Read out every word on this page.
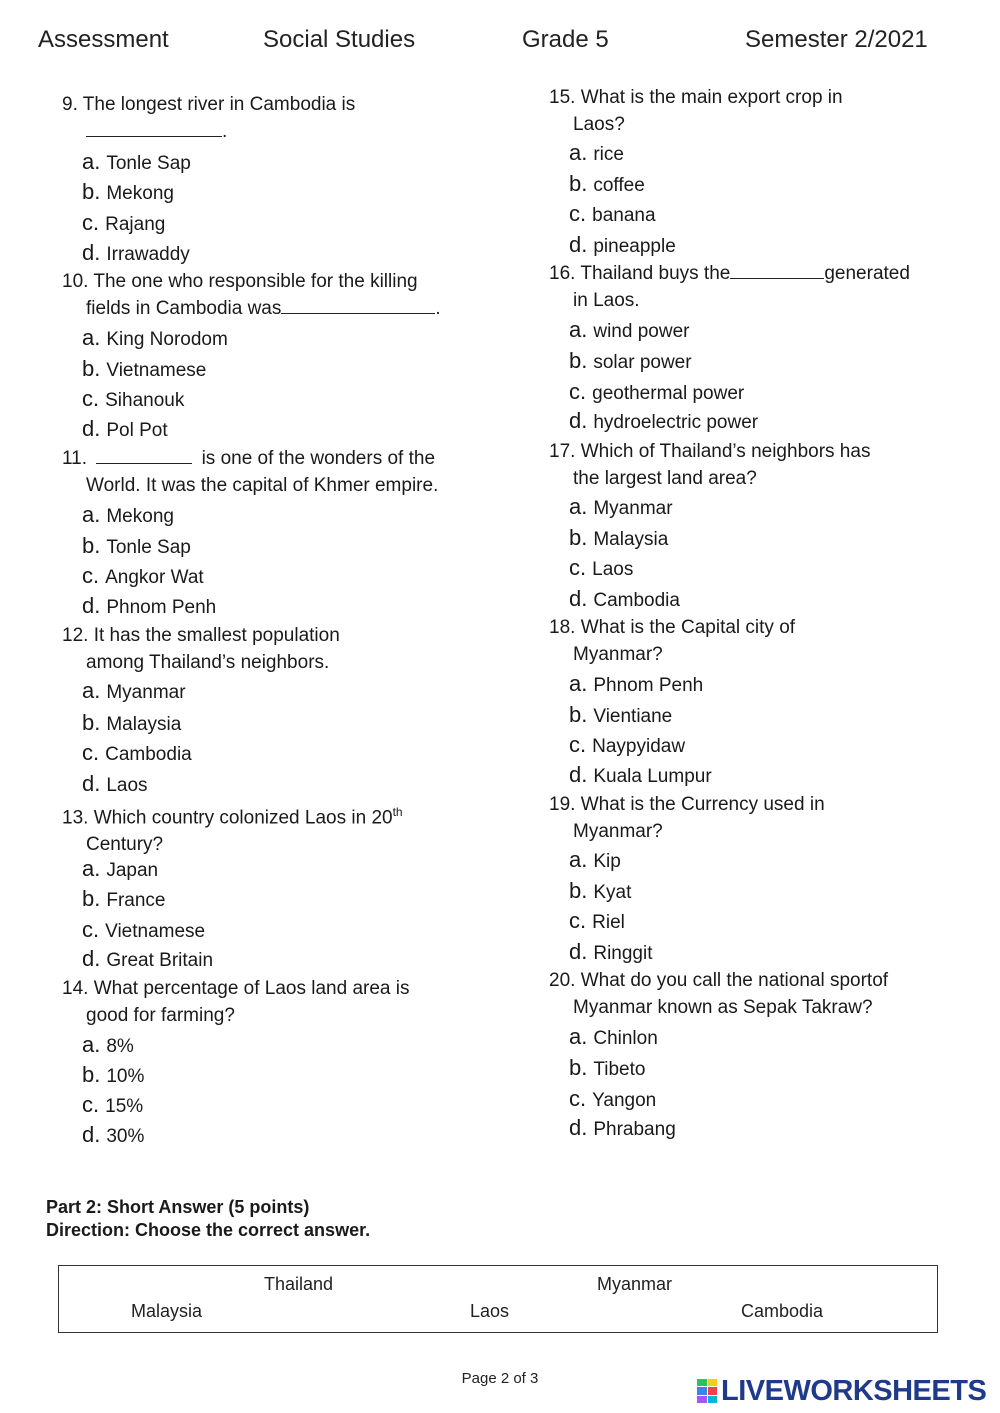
Assessment	Social Studies	Grade 5	Semester 2/2021
9. The longest river in Cambodia is
.
a. Tonle Sap
b. Mekong
c. Rajang
d. Irrawaddy
10. The one who responsible for the killing
fields in Cambodia was	.
a. King Norodom
b. Vietnamese
c. Sihanouk
d. Pol Pot
11.	is one of the wonders of the
World. It was the capital of Khmer empire.
a. Mekong
b. Tonle Sap
c. Angkor Wat
d. Phnom Penh
12. It has the smallest population
among Thailand’s neighbors.
a. Myanmar
b. Malaysia
c. Cambodia
d. Laos
13. Which country colonized Laos in 20th
Century?
a. Japan
b. France
c. Vietnamese
d. Great Britain
14. What percentage of Laos land area is
good for farming?
a. 8%
b. 10%
c. 15%
d. 30%
15. What is the main export crop in
Laos?
a. rice
b. coffee
c. banana
d. pineapple
16. Thailand buys the	generated
in Laos.
a. wind power
b. solar power
c. geothermal power
d. hydroelectric power
17. Which of Thailand’s neighbors has
the largest land area?
a. Myanmar
b. Malaysia
c. Laos
d. Cambodia
18. What is the Capital city of
Myanmar?
a. Phnom Penh
b. Vientiane
c. Naypyidaw
d. Kuala Lumpur
19. What is the Currency used in
Myanmar?
a. Kip
b. Kyat
c. Riel
d. Ringgit
20. What do you call the national sportof
Myanmar known as Sepak Takraw?
a. Chinlon
b. Tibeto
c. Yangon
d. Phrabang
Part 2: Short Answer (5 points)
Direction: Choose the correct answer.
Thailand	Myanmar
Malaysia	Laos	Cambodia
Page 2 of 3	LIVEWORKSHEETS
